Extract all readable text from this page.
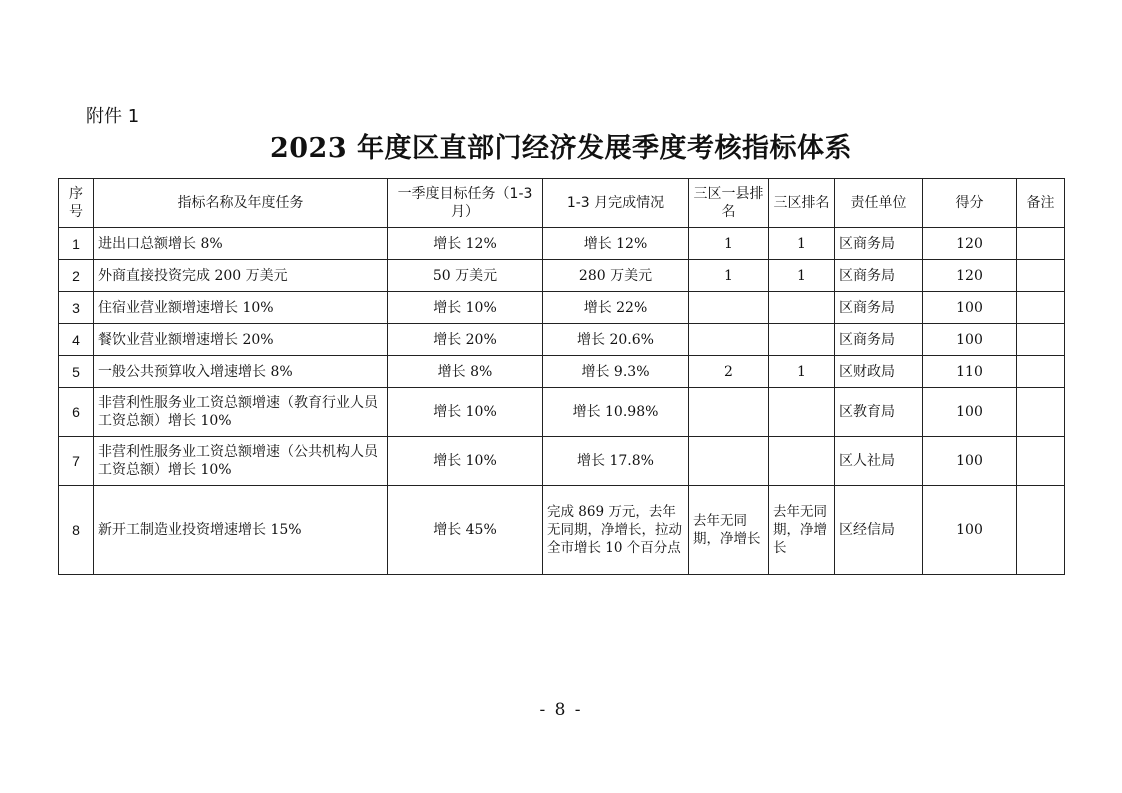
附件 1
2023 年度区直部门经济发展季度考核指标体系
序号	指标名称及年度任务	一季度目标任务（1-3月）	1-3 月完成情况	三区一县排名	三区排名	责任单位	得分	备注
1	进出口总额增长 8%	增长 12%	增长 12%	1	1	区商务局	120	
2	外商直接投资完成 200 万美元	50 万美元	280 万美元	1	1	区商务局	120	
3	住宿业营业额增速增长 10%	增长 10%	增长 22%			区商务局	100	
4	餐饮业营业额增速增长 20%	增长 20%	增长 20.6%			区商务局	100	
5	一般公共预算收入增速增长 8%	增长 8%	增长 9.3%	2	1	区财政局	110	
6	非营利性服务业工资总额增速（教育行业人员工资总额）增长 10%	增长 10%	增长 10.98%			区教育局	100	
7	非营利性服务业工资总额增速（公共机构人员工资总额）增长 10%	增长 10%	增长 17.8%			区人社局	100	
8	新开工制造业投资增速增长 15%	增长 45%	完成 869 万元，去年无同期，净增长，拉动全市增长 10 个百分点	去年无同期，净增长	去年无同期，净增长	区经信局	100	
- 8 -
